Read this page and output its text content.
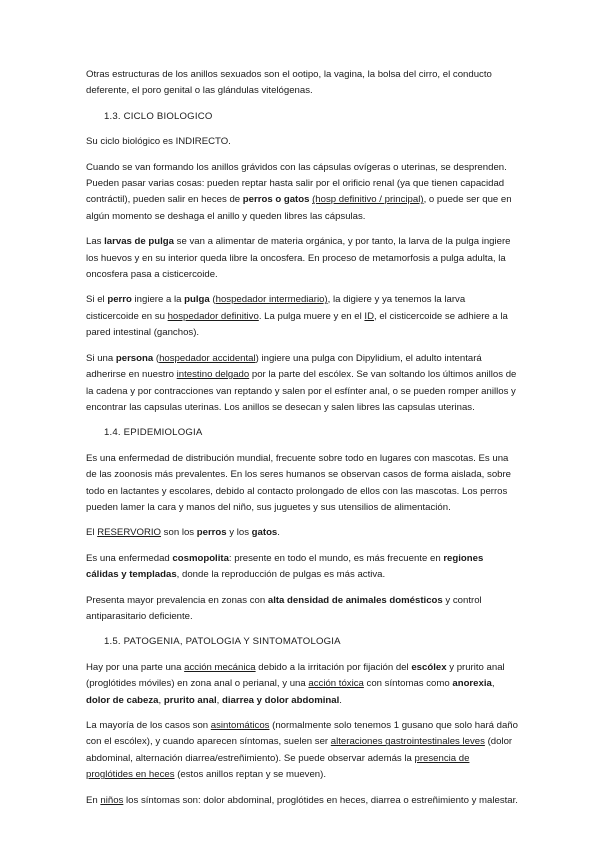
Otras estructuras de los anillos sexuados son el ootipo, la vagina, la bolsa del cirro, el conducto deferente, el poro genital o las glándulas vitelógenas.

1.3. CICLO BIOLOGICO

Su ciclo biológico es INDIRECTO.

Cuando se van formando los anillos grávidos con las cápsulas ovígeras o uterinas, se desprenden. Pueden pasar varias cosas: pueden reptar hasta salir por el orificio renal (ya que tienen capacidad contráctil), pueden salir en heces de perros o gatos (hosp definitivo / principal), o puede ser que en algún momento se deshaga el anillo y queden libres las cápsulas.

Las larvas de pulga se van a alimentar de materia orgánica, y por tanto, la larva de la pulga ingiere los huevos y en su interior queda libre la oncosfera. En proceso de metamorfosis a pulga adulta, la oncosfera pasa a cisticercoide.

Si el perro ingiere a la pulga (hospedador intermediario), la digiere y ya tenemos la larva cisticercoide en su hospedador definitivo. La pulga muere y en el ID, el cisticercoide se adhiere a la pared intestinal (ganchos).

Si una persona (hospedador accidental) ingiere una pulga con Dipylidium, el adulto intentará adherirse en nuestro intestino delgado por la parte del escólex. Se van soltando los últimos anillos de la cadena y por contracciones van reptando y salen por el esfínter anal, o se pueden romper anillos y encontrar las capsulas uterinas. Los anillos se desecan y salen libres las capsulas uterinas.

1.4. EPIDEMIOLOGIA

Es una enfermedad de distribución mundial, frecuente sobre todo en lugares con mascotas. Es una de las zoonosis más prevalentes. En los seres humanos se observan casos de forma aislada, sobre todo en lactantes y escolares, debido al contacto prolongado de ellos con las mascotas. Los perros pueden lamer la cara y manos del niño, sus juguetes y sus utensilios de alimentación.

El RESERVORIO son los perros y los gatos.

Es una enfermedad cosmopolita: presente en todo el mundo, es más frecuente en regiones cálidas y templadas, donde la reproducción de pulgas es más activa.

Presenta mayor prevalencia en zonas con alta densidad de animales domésticos y control antiparasitario deficiente.

1.5. PATOGENIA, PATOLOGIA Y SINTOMATOLOGIA

Hay por una parte una acción mecánica debido a la irritación por fijación del escólex y prurito anal (proglótides móviles) en zona anal o perianal, y una acción tóxica con síntomas como anorexia, dolor de cabeza, prurito anal, diarrea y dolor abdominal.

La mayoría de los casos son asintomáticos (normalmente solo tenemos 1 gusano que solo hará daño con el escólex), y cuando aparecen síntomas, suelen ser alteraciones gastrointestinales leves (dolor abdominal, alternación diarrea/estreñimiento). Se puede observar además la presencia de proglótides en heces (estos anillos reptan y se mueven).

En niños los síntomas son: dolor abdominal, proglótides en heces, diarrea o estreñimiento y malestar.
